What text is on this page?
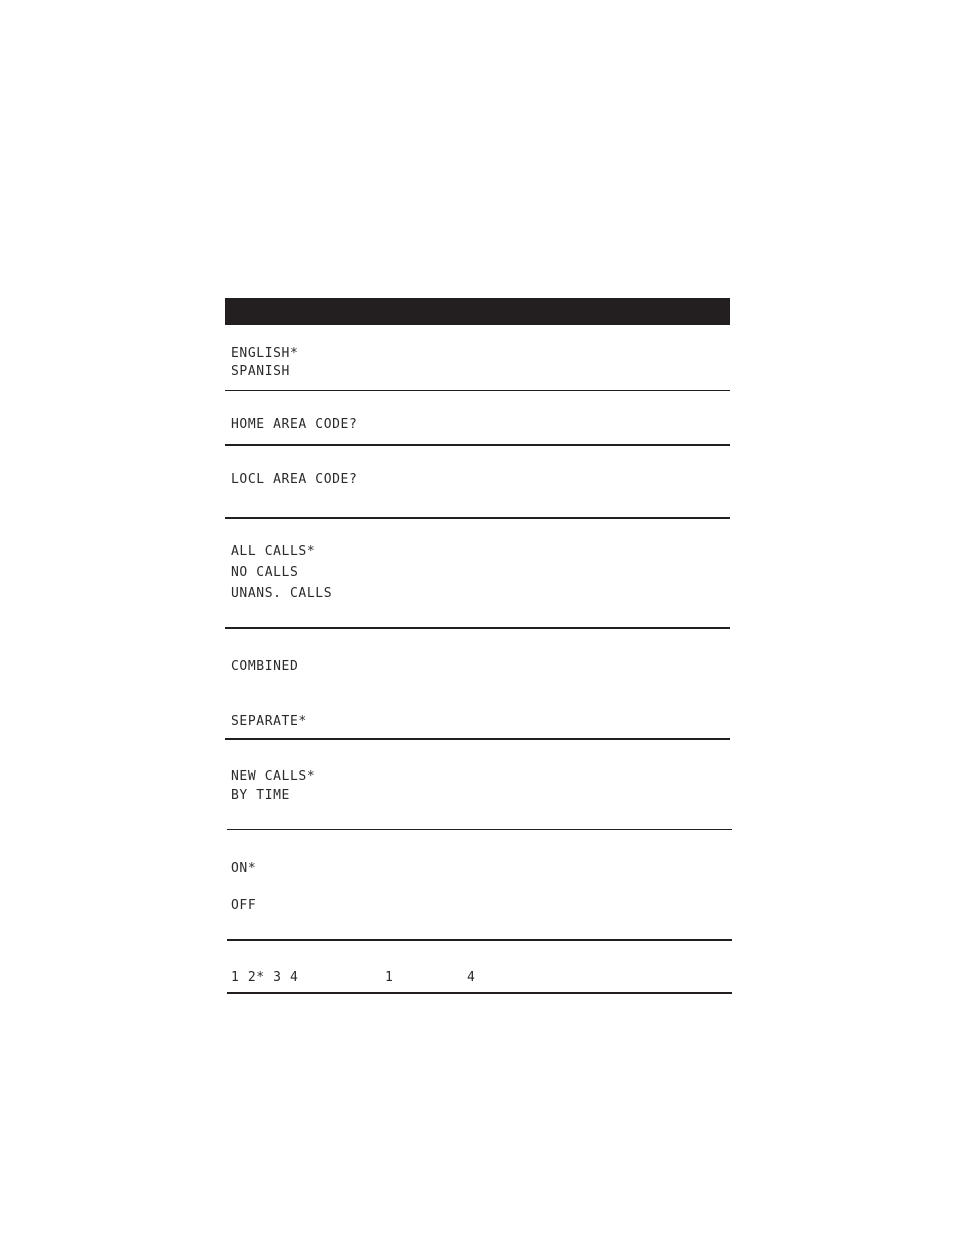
ENGLISH*
SPANISH
HOME AREA CODE?
LOCL AREA CODE?
ALL CALLS*
NO CALLS
UNANS. CALLS
COMBINED
SEPARATE*
NEW CALLS*
BY TIME
ON*
OFF
1 2* 3 4	1	4
